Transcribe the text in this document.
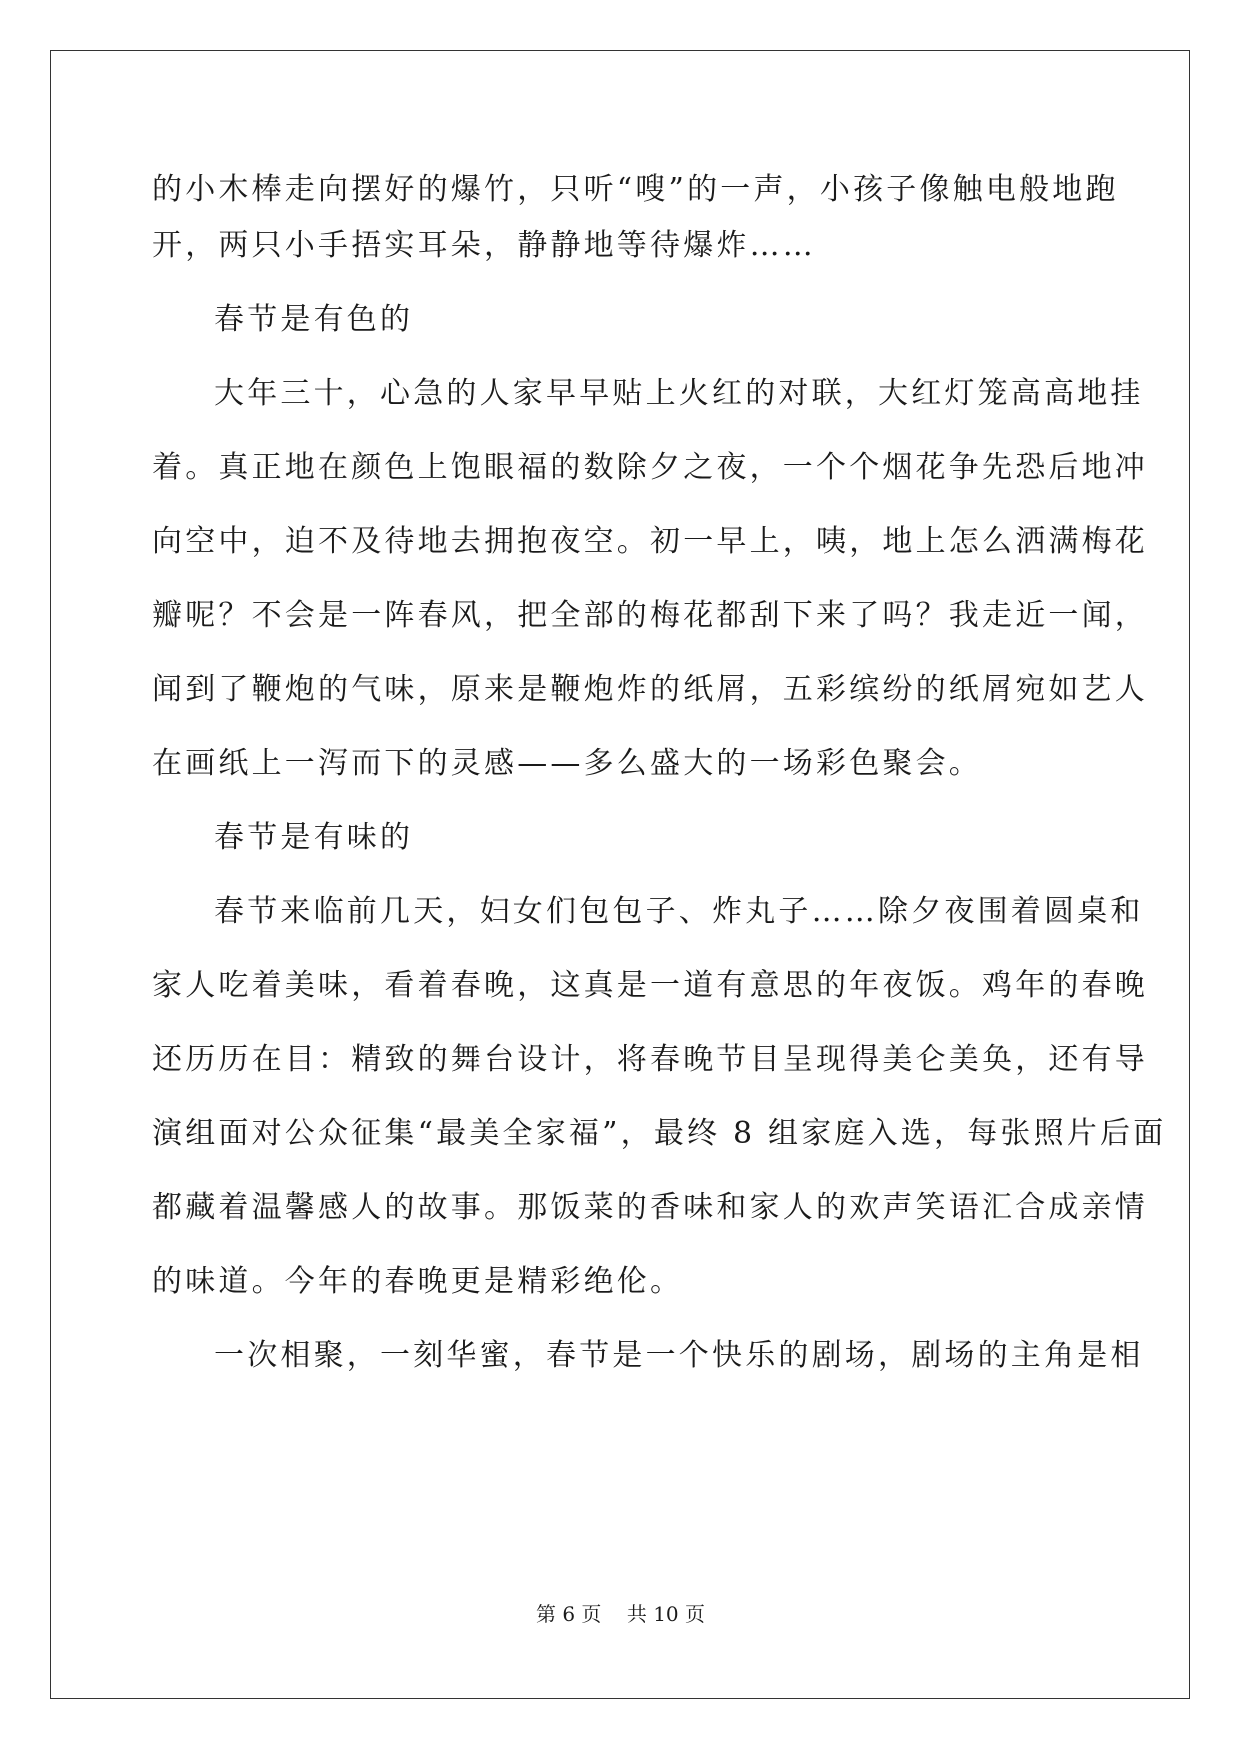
的小木棒走向摆好的爆竹，只听“嗖”的一声，小孩子像触电般地跑
开，两只小手捂实耳朵，静静地等待爆炸……
春节是有色的
大年三十，心急的人家早早贴上火红的对联，大红灯笼高高地挂
着。真正地在颜色上饱眼福的数除夕之夜，一个个烟花争先恐后地冲
向空中，迫不及待地去拥抱夜空。初一早上，咦，地上怎么洒满梅花
瓣呢？不会是一阵春风，把全部的梅花都刮下来了吗？我走近一闻，
闻到了鞭炮的气味，原来是鞭炮炸的纸屑，五彩缤纷的纸屑宛如艺人
在画纸上一泻而下的灵感——多么盛大的一场彩色聚会。
春节是有味的
春节来临前几天，妇女们包包子、炸丸子……除夕夜围着圆桌和
家人吃着美味，看着春晚，这真是一道有意思的年夜饭。鸡年的春晚
还历历在目：精致的舞台设计，将春晚节目呈现得美仑美奂，还有导
演组面对公众征集“最美全家福”，最终 8 组家庭入选，每张照片后面
都藏着温馨感人的故事。那饭菜的香味和家人的欢声笑语汇合成亲情
的味道。今年的春晚更是精彩绝伦。
一次相聚，一刻华蜜，春节是一个快乐的剧场，剧场的主角是相
第 6 页    共 10 页
